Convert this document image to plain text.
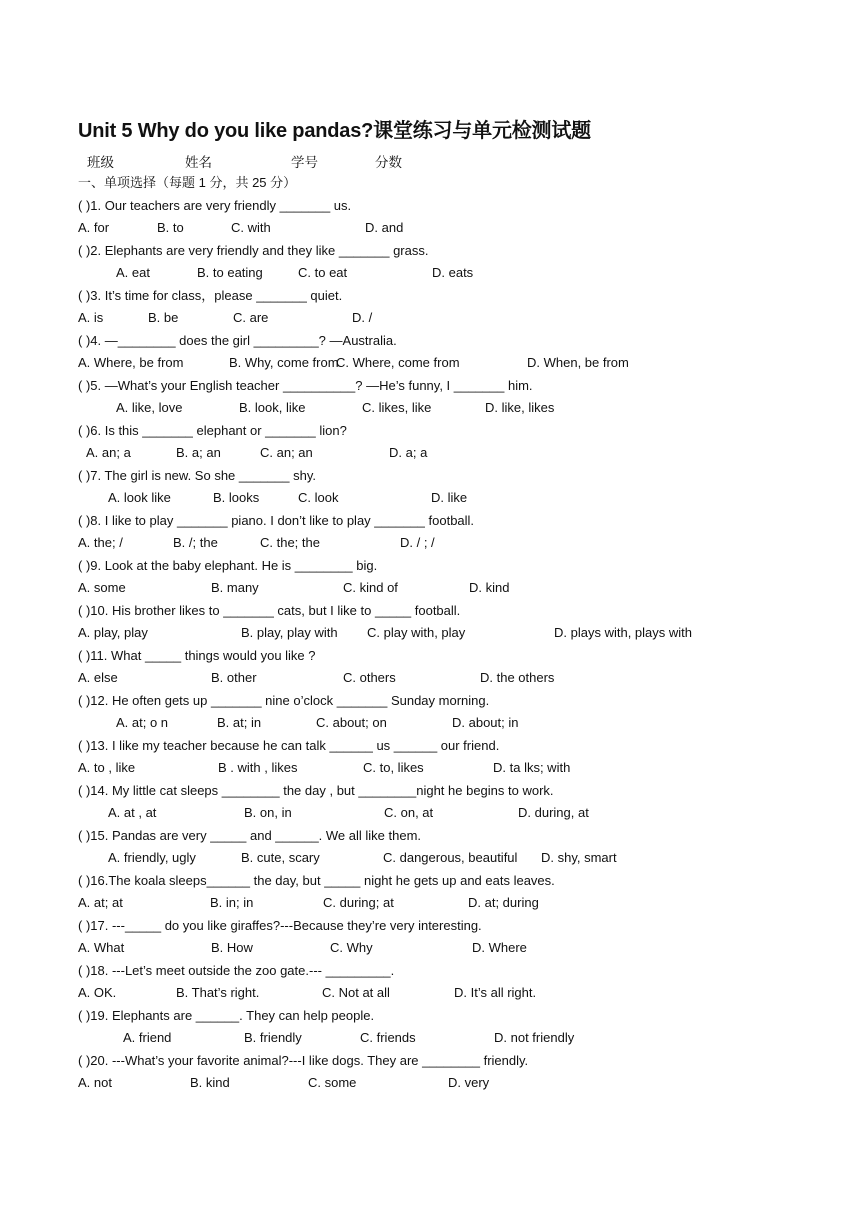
Unit 5 Why do you like pandas?课堂练习与单元检测试题
班级	姓名	学号	分数
一、单项选择（每题 1 分，共 25 分）
( )1. Our teachers are very friendly _______ us.
A. for	B. to	C. with	D. and
( )2. Elephants are very friendly and they like _______ grass.
A. eat	B. to eating	C. to eat	D. eats
( )3. It’s time for class，please _______ quiet.
A. is	B. be	C. are	D. /
( )4. —________ does the girl _________? —Australia.
A. Where, be from	B. Why, come from
C. Where, come from	D. When, be from
( )5. —What’s your English teacher __________? —He’s funny, I _______ him.
A. like, love	B. look, like	C. likes, like	D. like, likes
( )6. Is this _______ elephant or _______ lion?
A. an; a	B. a; an	C. an; an	D. a; a
( )7. The girl is new. So she _______ shy.
A. look like	B. looks	C. look	D. like
( )8. I like to play _______ piano. I don’t like to play _______ football.
A. the; /	B. /; the	C. the; the	D. / ; /
( )9. Look at the baby elephant. He is ________ big.
A. some	B. many	C. kind of	D. kind
( )10. His brother likes to _______ cats, but I like to _____ football.
A. play, play	B. play, play with C. play with, play	D. plays with, plays with
( )11. What _____ things would you like ?
A. else	B. other	C. others	D. the others
( )12. He often gets up _______ nine o’clock _______ Sunday morning.
A. at; o n	B. at; in	C. about; on	D. about; in
( )13. I like my teacher because he can talk ______ us ______ our friend.
A. to , like	B . with , likes	C. to, likes	D. ta lks; with
( )14. My little cat sleeps ________ the day , but ________night he begins to work.
A. at , at	B. on, in	C. on, at	D. during, at
( )15. Pandas are very _____ and ______. We all like them.
A. friendly, ugly	B. cute, scary	C. dangerous, beautiful D. shy, smart
( )16.The koala sleeps______ the day, but _____ night he gets up and eats leaves.
A. at; at	B. in; in	C. during; at	D. at; during
( )17. ---_____ do you like giraffes?---Because they’re very interesting.
A. What	B. How	C. Why	D. Where
( )18. ---Let’s meet outside the zoo gate.--- _________.
A. OK.	B. That’s right.	C. Not at all	D. It’s all right.
( )19. Elephants are ______. They can help people.
A. friend	B. friendly	C. friends	D. not friendly
( )20. ---What’s your favorite animal?---I like dogs. They are ________ friendly.
A. not	B. kind	C. some	D. very
